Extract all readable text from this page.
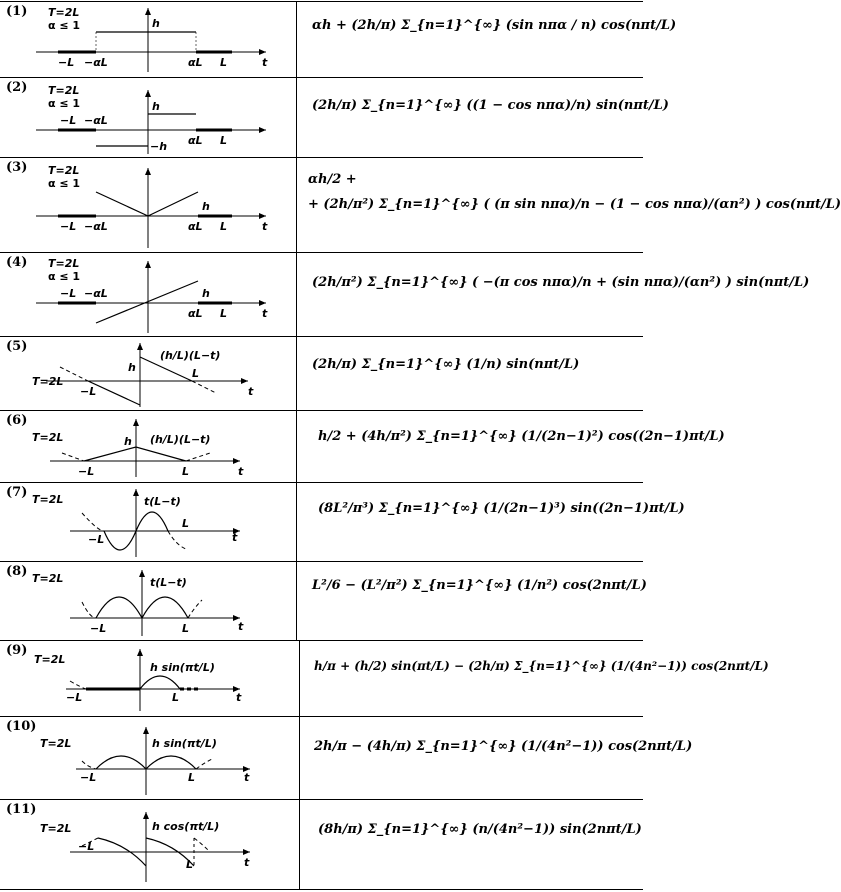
(1) T=2L
α ≤ 1	h
−L −αL	αL L	t
αh + (2h/π) Σ_{n=1}^{∞} (sin nπα / n) cos(nπt/L)
(2) T=2L
α ≤ 1	h
−L −αL
αL L
−h
(2h/π) Σ_{n=1}^{∞} ((1 − cos nπα)/n) sin(nπt/L)
(3) T=2L
α ≤ 1
h
−L −αL	αL L	t
αh/2 +
+ (2h/π²) Σ_{n=1}^{∞} ( (π sin nπα)/n − (1 − cos nπα)/(αn²) ) cos(nπt/L)
(4) T=2L
α ≤ 1
−L −αL	h
αL L	t
(2h/π²) Σ_{n=1}^{∞} ( −(π cos nπα)/n + (sin nπα)/(αn²) ) sin(nπt/L)
(5)
T=2L
(h/L)(L−t)
h	L
−L	t
(2h/π) Σ_{n=1}^{∞} (1/n) sin(nπt/L)
(6)
T=2L	h (h/L)(L−t)
−L	L	t
h/2 + (4h/π²) Σ_{n=1}^{∞} (1/(2n−1)²) cos((2n−1)πt/L)
(7) T=2L	t(L−t)
−L
L
t
(8L²/π³) Σ_{n=1}^{∞} (1/(2n−1)³) sin((2n−1)πt/L)
(8) T=2L	t(L−t)
−L	L	t
L²/6 − (L²/π²) Σ_{n=1}^{∞} (1/n²) cos(2nπt/L)
(9)
T=2L
h sin(πt/L)
−L	L	t
h/π + (h/2) sin(πt/L) − (2h/π) Σ_{n=1}^{∞} (1/(4n²−1)) cos(2nπt/L)
(10)
T=2L	h sin(πt/L)
−L	L	t
2h/π − (4h/π) Σ_{n=1}^{∞} (1/(4n²−1)) cos(2nπt/L)
(11)
T=2L	h cos(πt/L)
−L
L	t
(8h/π) Σ_{n=1}^{∞} (n/(4n²−1)) sin(2nπt/L)
